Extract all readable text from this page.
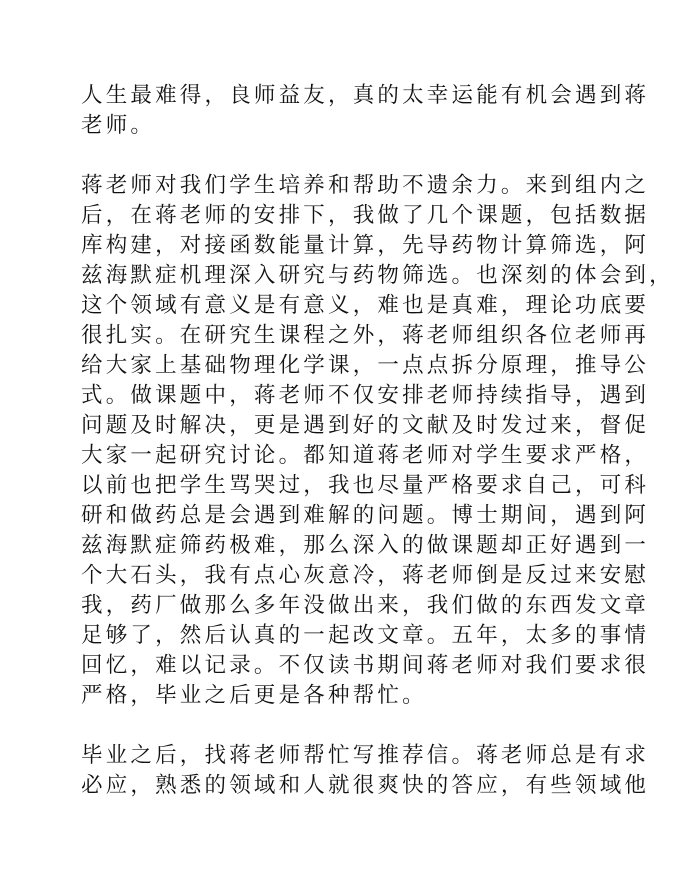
人生最难得，良师益友，真的太幸运能有机会遇到蒋
老师。

蒋老师对我们学生培养和帮助不遗余力。来到组内之
后，在蒋老师的安排下，我做了几个课题，包括数据
库构建，对接函数能量计算，先导药物计算筛选，阿
兹海默症机理深入研究与药物筛选。也深刻的体会到，
这个领域有意义是有意义，难也是真难，理论功底要
很扎实。在研究生课程之外，蒋老师组织各位老师再
给大家上基础物理化学课，一点点拆分原理，推导公
式。做课题中，蒋老师不仅安排老师持续指导，遇到
问题及时解决，更是遇到好的文献及时发过来，督促
大家一起研究讨论。都知道蒋老师对学生要求严格，
以前也把学生骂哭过，我也尽量严格要求自己，可科
研和做药总是会遇到难解的问题。博士期间，遇到阿
兹海默症筛药极难，那么深入的做课题却正好遇到一
个大石头，我有点心灰意冷，蒋老师倒是反过来安慰
我，药厂做那么多年没做出来，我们做的东西发文章
足够了，然后认真的一起改文章。五年，太多的事情
回忆，难以记录。不仅读书期间蒋老师对我们要求很
严格，毕业之后更是各种帮忙。

毕业之后，找蒋老师帮忙写推荐信。蒋老师总是有求
必应，熟悉的领域和人就很爽快的答应，有些领域他
